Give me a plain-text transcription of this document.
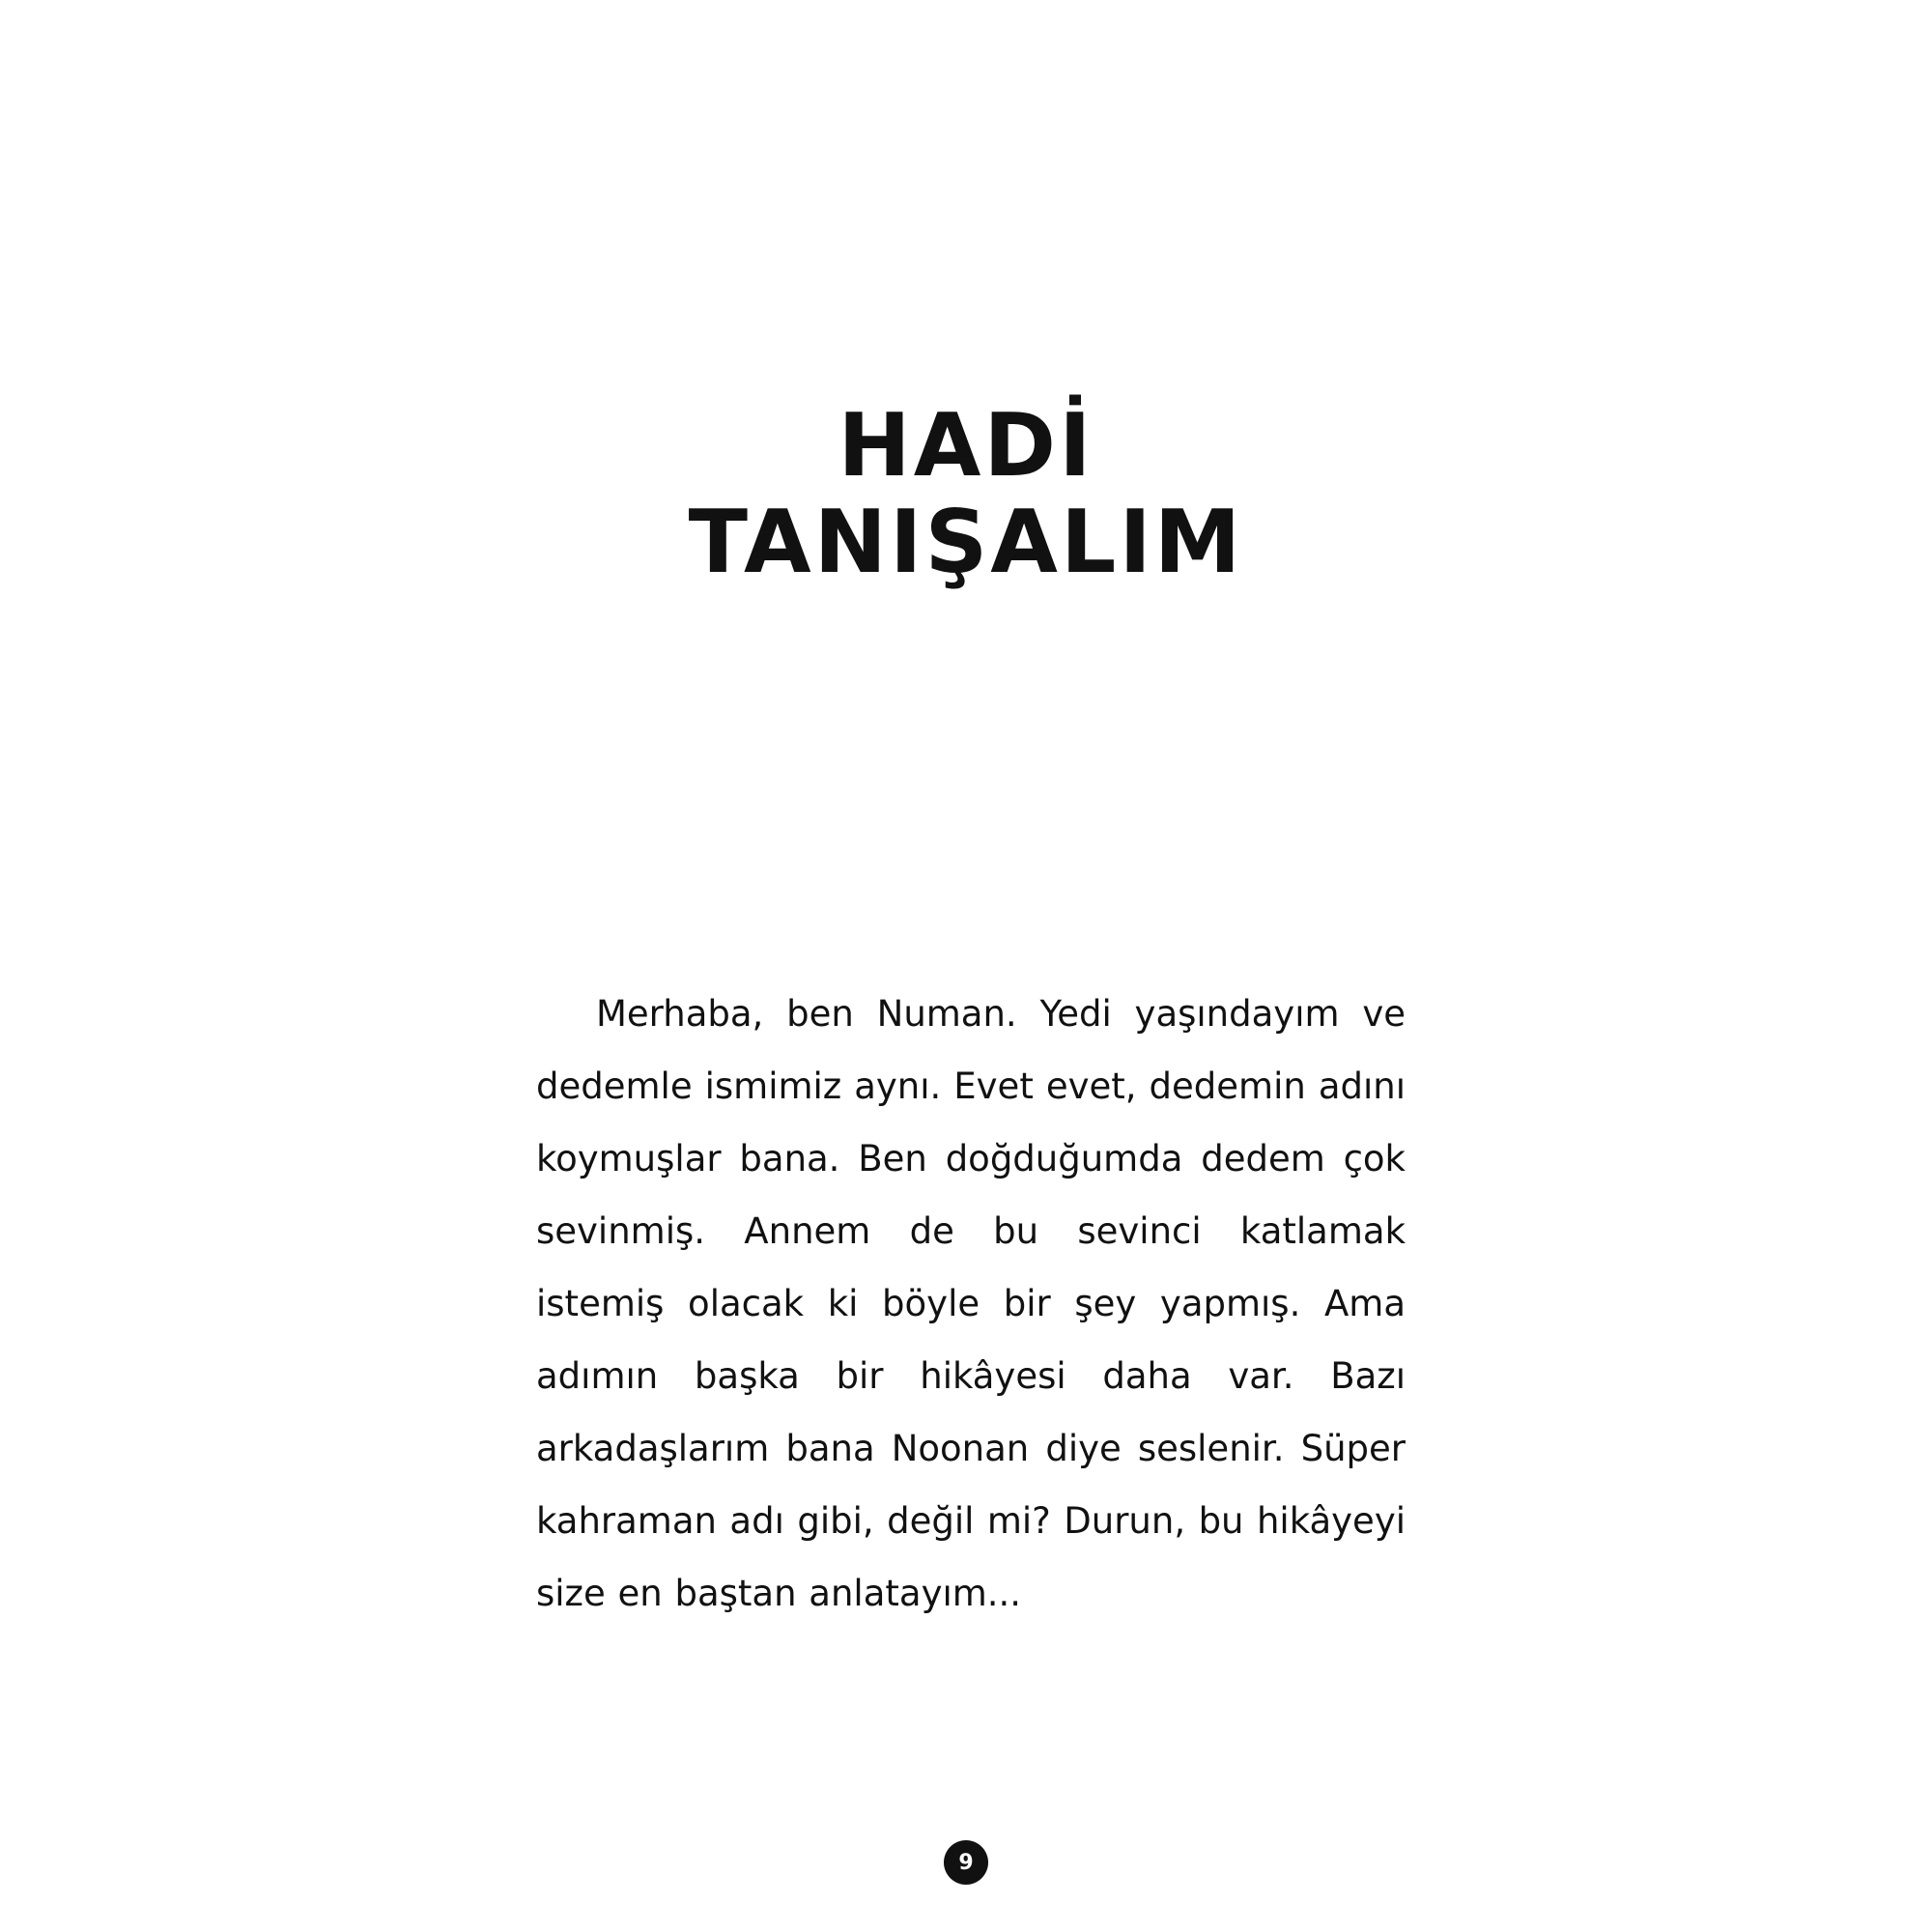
HADİ
TANIŞALIM

Merhaba, ben Numan. Yedi yaşındayım ve dedemle ismimiz aynı. Evet evet, dedemin adını koymuşlar bana. Ben doğduğumda dedem çok sevinmiş. Annem de bu sevinci katlamak istemiş olacak ki böyle bir şey yapmış. Ama adımın başka bir hikâyesi daha var. Bazı arkadaşlarım bana Noonan diye seslenir. Süper kahraman adı gibi, değil mi? Durun, bu hikâyeyi size en baştan anlatayım...

9
